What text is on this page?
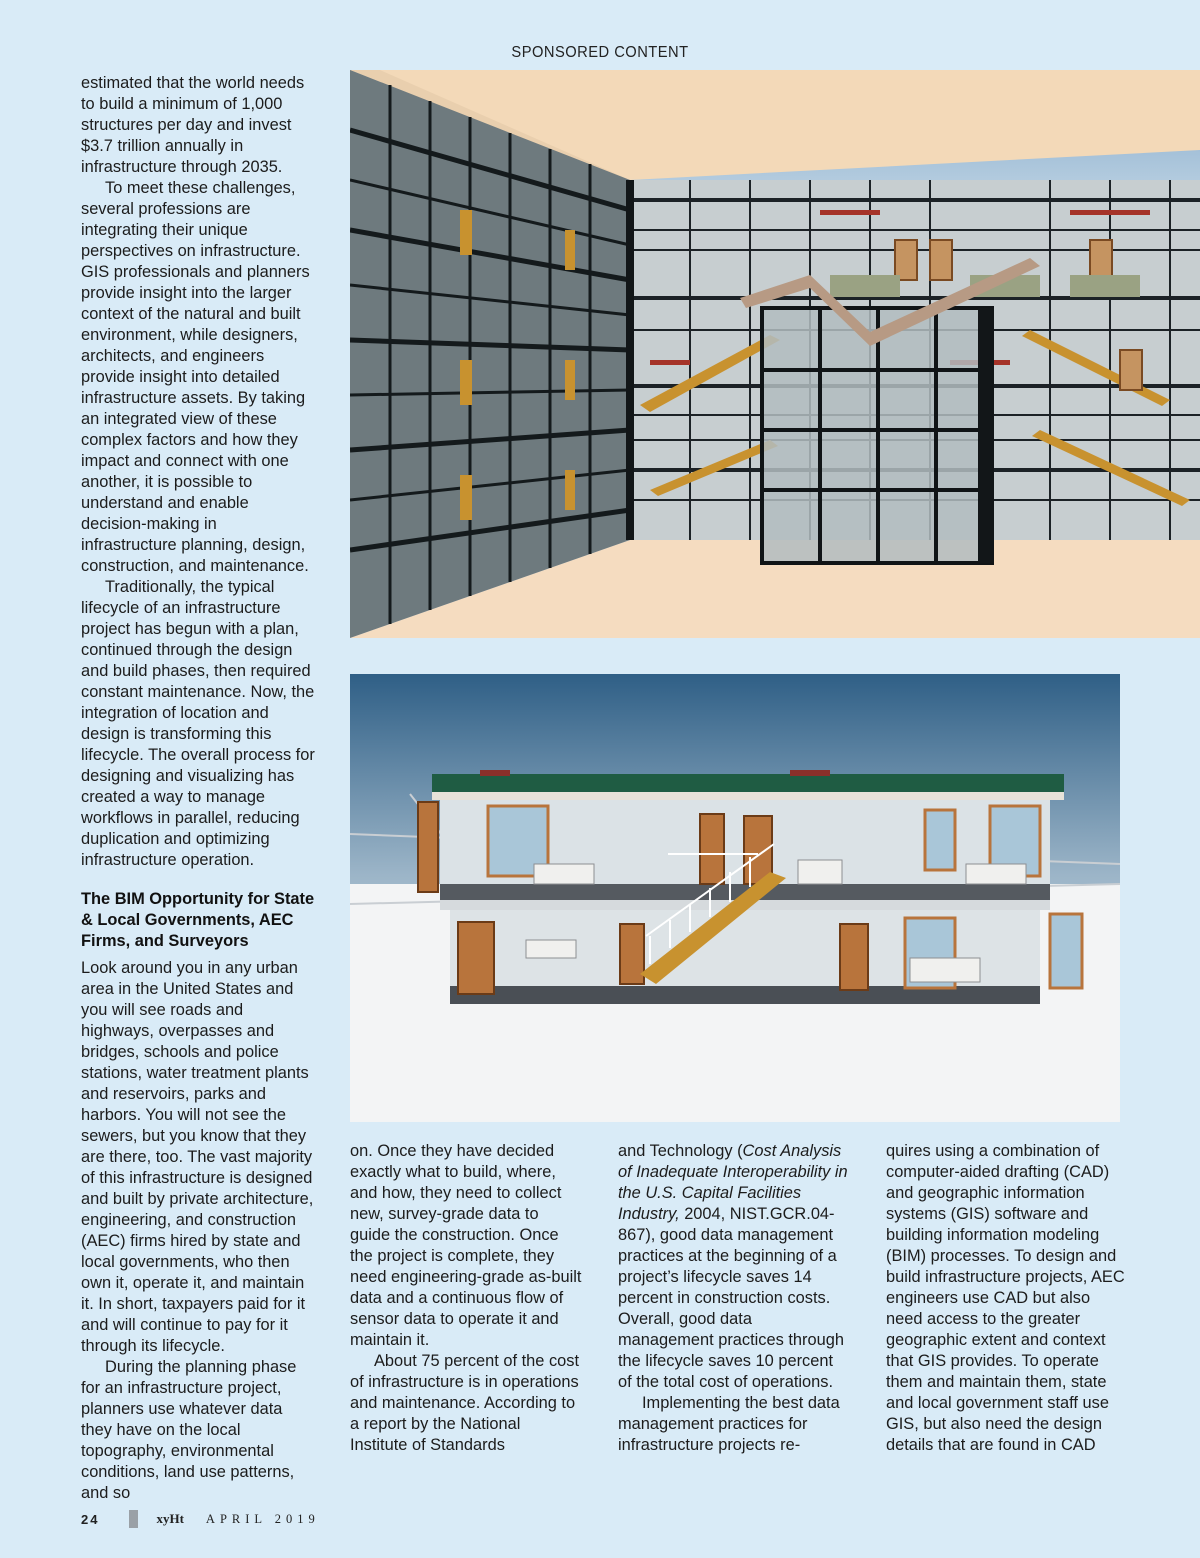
SPONSORED CONTENT

estimated that the world needs to build a minimum of 1,000 structures per day and invest $3.7 trillion annually in infrastructure through 2035.

To meet these challenges, several professions are integrating their unique perspectives on infrastructure. GIS professionals and planners provide insight into the larger context of the natural and built environment, while designers, architects, and engineers provide insight into detailed infrastructure assets. By taking an integrated view of these complex factors and how they impact and connect with one another, it is possible to understand and enable decision-making in infrastructure planning, design, construction, and maintenance.

Traditionally, the typical lifecycle of an infrastructure project has begun with a plan, continued through the design and build phases, then required constant maintenance. Now, the integration of location and design is transforming this lifecycle. The overall process for designing and visualizing has created a way to manage workflows in parallel, reducing duplication and optimizing infrastructure operation.

The BIM Opportunity for State & Local Governments, AEC Firms, and Surveyors

Look around you in any urban area in the United States and you will see roads and highways, overpasses and bridges, schools and police stations, water treatment plants and reservoirs, parks and harbors. You will not see the sewers, but you know that they are there, too. The vast majority of this infrastructure is designed and built by private architecture, engineering, and construction (AEC) firms hired by state and local governments, who then own it, operate it, and maintain it. In short, taxpayers paid for it and will continue to pay for it through its lifecycle.

During the planning phase for an infrastructure project, planners use whatever data they have on the local topography, environmental conditions, land use patterns, and so

on. Once they have decided exactly what to build, where, and how, they need to collect new, survey-grade data to guide the construction. Once the project is complete, they need engineering-grade as-built data and a continuous flow of sensor data to operate it and maintain it.

About 75 percent of the cost of infrastructure is in operations and maintenance. According to a report by the National Institute of Standards

and Technology (Cost Analysis of Inadequate Interoperability in the U.S. Capital Facilities Industry, 2004, NIST.GCR.04-867), good data management practices at the beginning of a project’s lifecycle saves 14 percent in construction costs. Overall, good data management practices through the lifecycle saves 10 percent of the total cost of operations.

Implementing the best data management practices for infrastructure projects re-

quires using a combination of computer-aided drafting (CAD) and geographic information systems (GIS) software and building information modeling (BIM) processes. To design and build infrastructure projects, AEC engineers use CAD but also need access to the greater geographic extent and context that GIS provides. To operate them and maintain them, state and local government staff use GIS, but also need the design details that are found in CAD

24	xyHt APRIL 2019
